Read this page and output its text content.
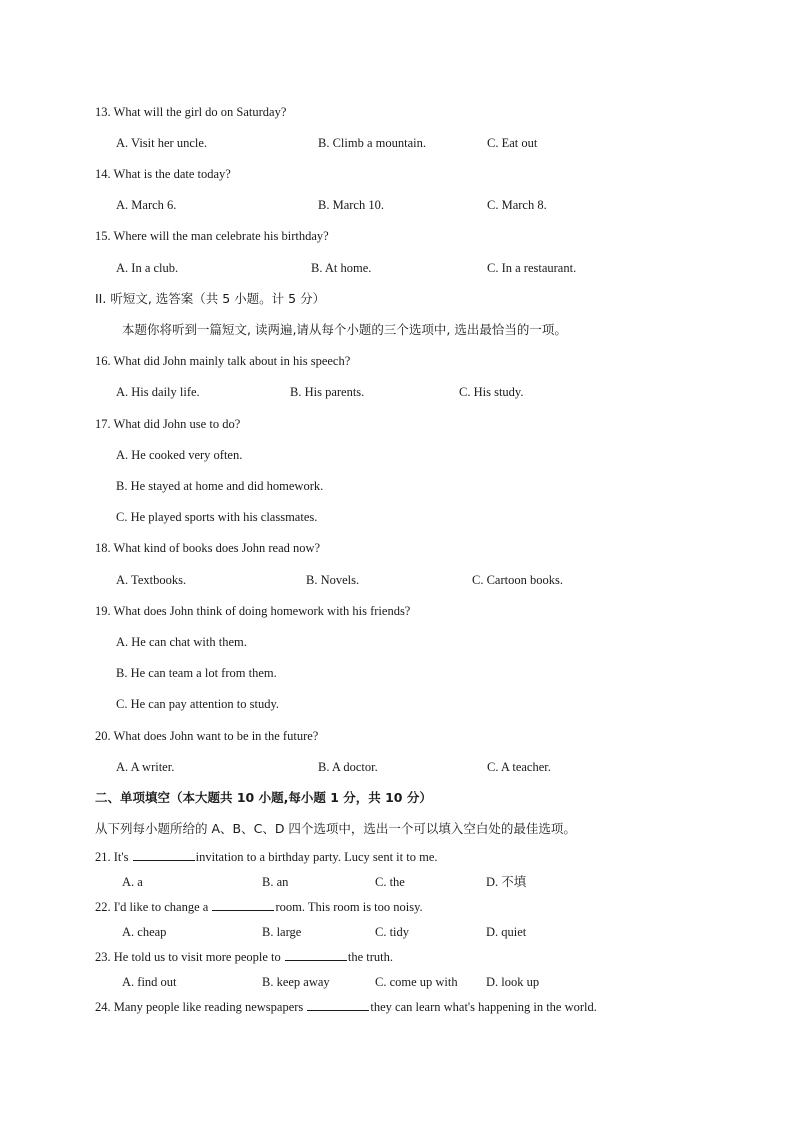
13. What will the girl do on Saturday?
A. Visit her uncle.	B. Climb a mountain.	C. Eat out
14. What is the date today?
A. March 6.	B. March 10.	C. March 8.
15. Where will the man celebrate his birthday?
A. In a club.	B. At home.	C. In a restaurant.
II. 听短文, 选答案（共 5 小题。计 5 分）
本题你将听到一篇短文, 读两遍,请从每个小题的三个选项中, 选出最恰当的一项。
16. What did John mainly talk about in his speech?
A. His daily life.	B. His parents.	C. His study.
17. What did John use to do?
A. He cooked very often.
B. He stayed at home and did homework.
C. He played sports with his classmates.
18. What kind of books does John read now?
A. Textbooks.	B. Novels.	C. Cartoon books.
19. What does John think of doing homework with his friends?
A. He can chat with them.
B. He can team a lot from them.
C. He can pay attention to study.
20. What does John want to be in the future?
A. A writer.	B. A doctor.	C. A teacher.
二、单项填空（本大题共 10 小题,每小题 1 分，共 10 分）
从下列每小题所给的 A、B、C、D 四个选项中，选出一个可以填入空白处的最佳选项。
21. It's	invitation to a birthday party. Lucy sent it to me.
A. a	B. an	C. the	D. 不填
22. I'd like to change a	room. This room is too noisy.
A. cheap	B. large	C. tidy	D. quiet
23. He told us to visit more people to	the truth.
A. find out	B. keep away	C. come up with D. look up
24. Many people like reading newspapers	they can learn what's happening in the world.
